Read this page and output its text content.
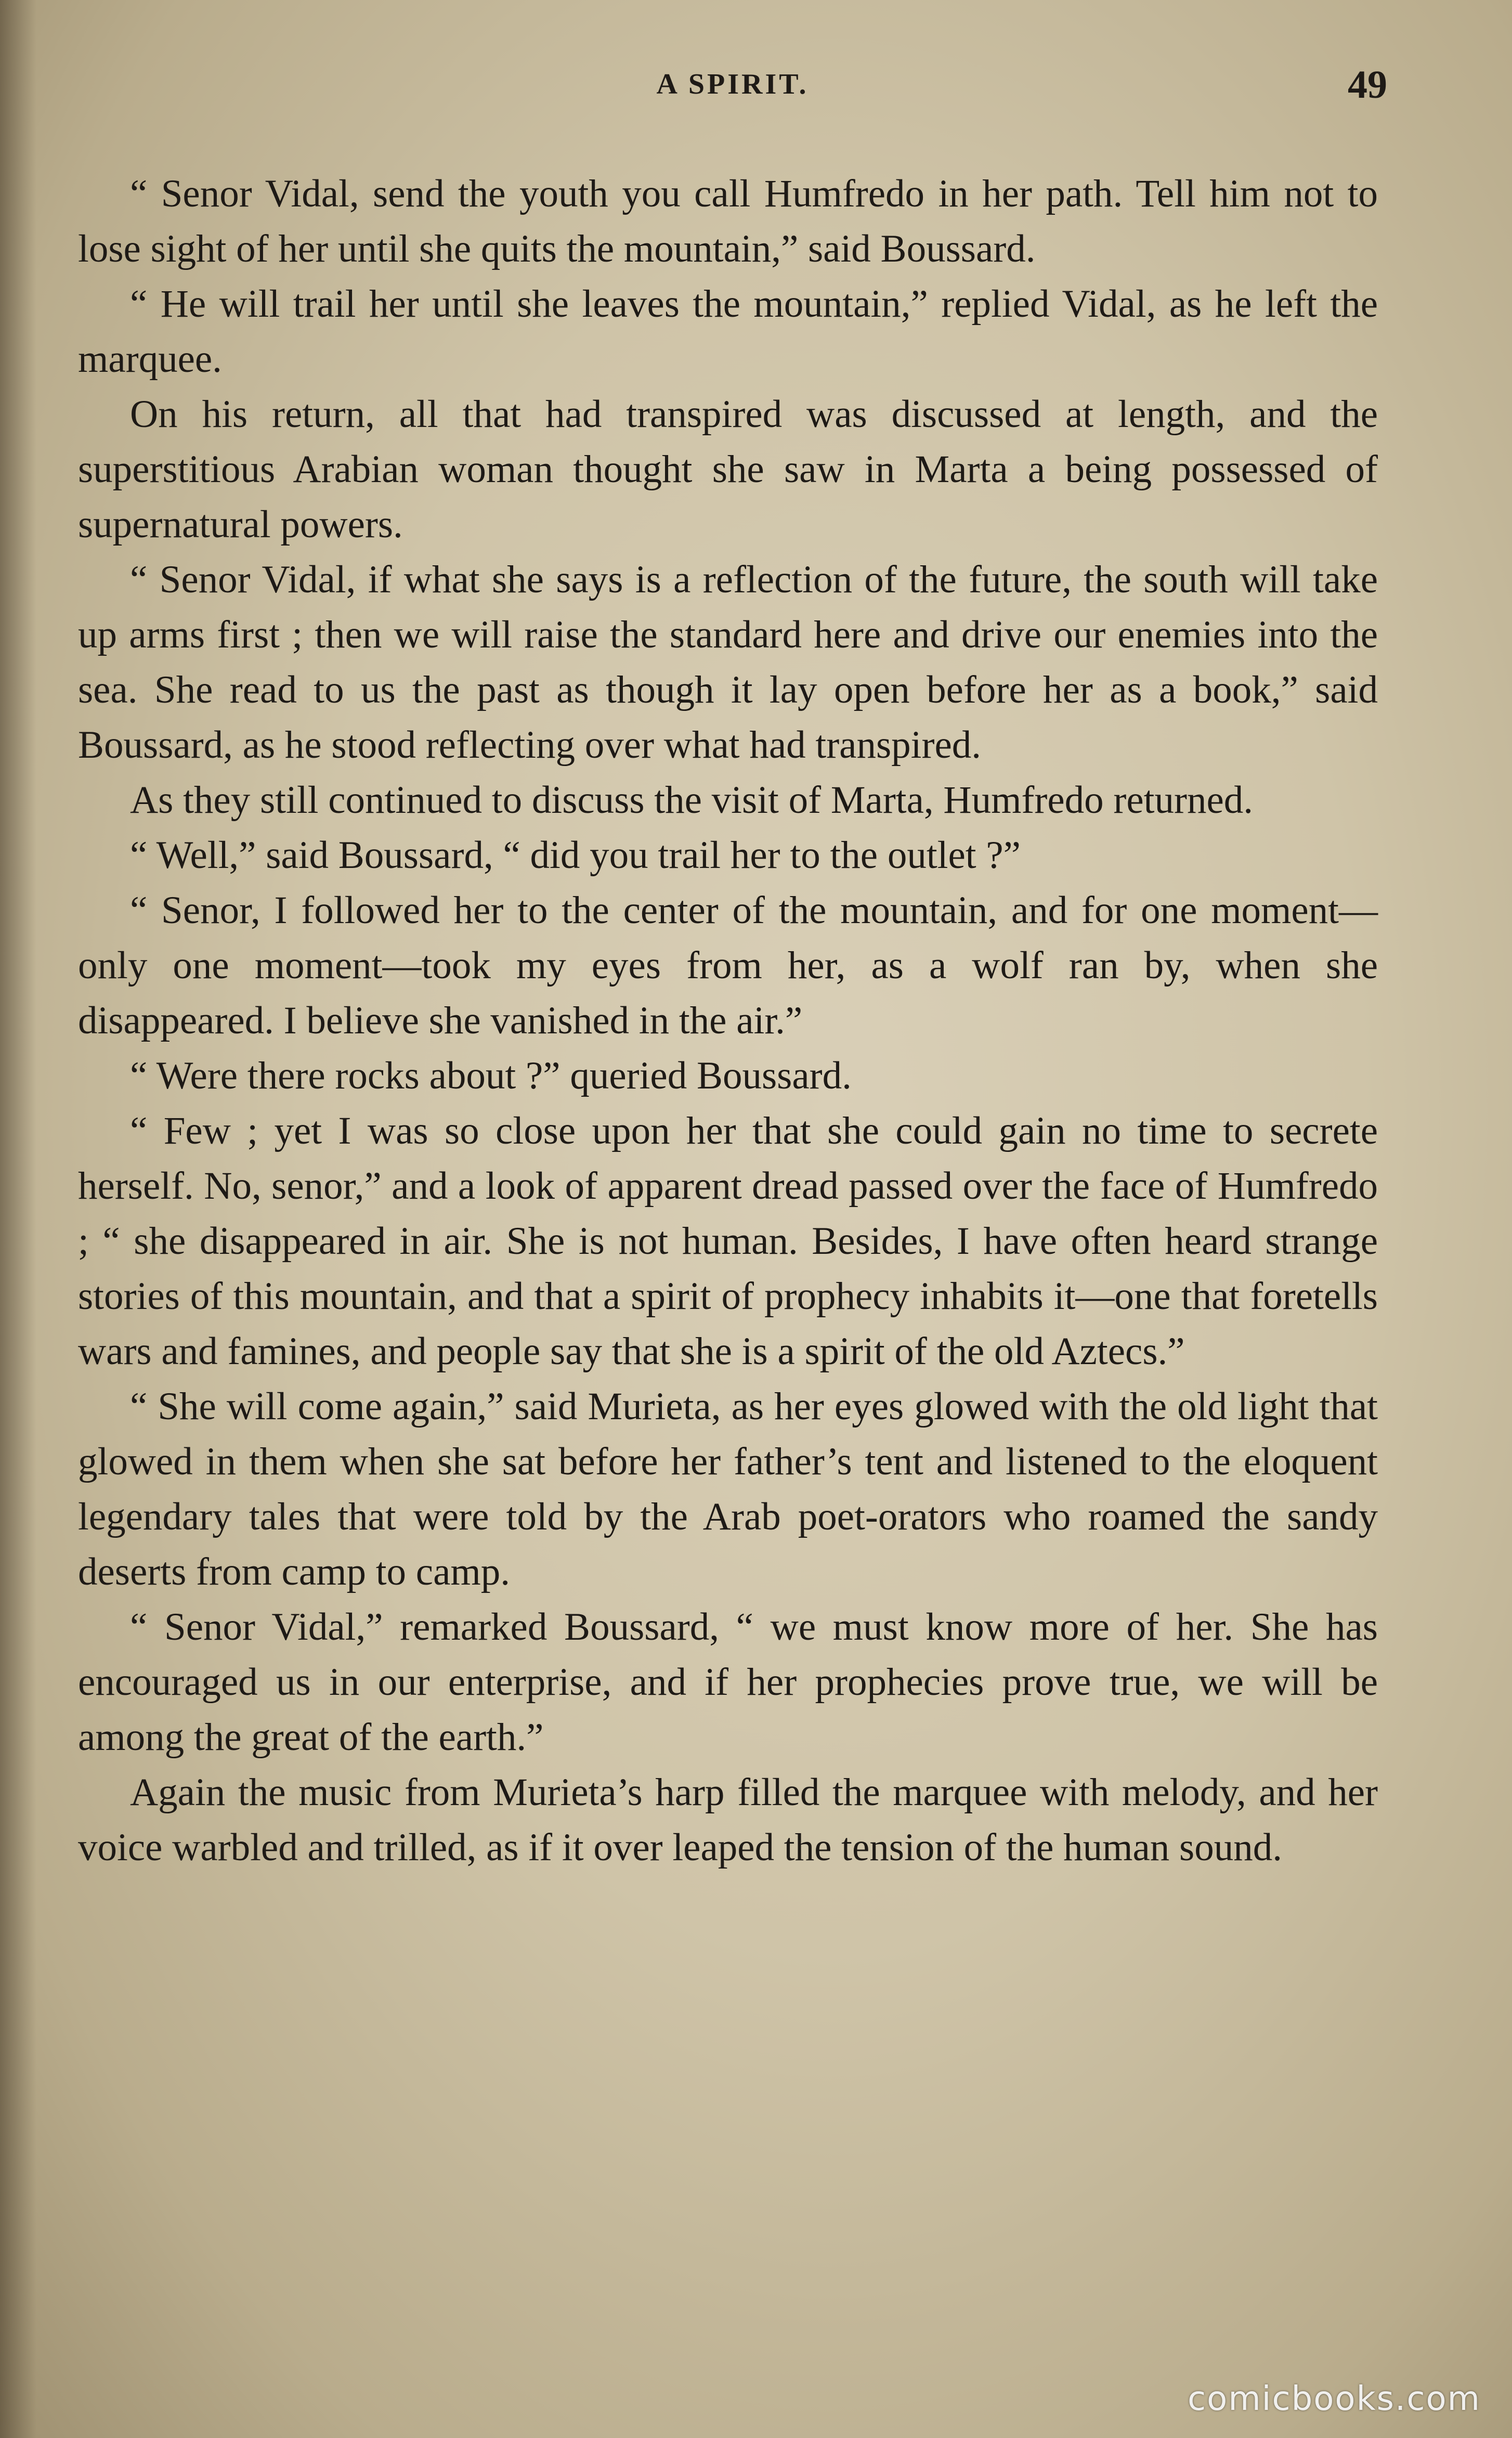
A SPIRIT.	49

“ Senor Vidal, send the youth you call Humfredo in her path. Tell him not to lose sight of her until she quits the mountain,” said Boussard.

“ He will trail her until she leaves the mountain,” replied Vidal, as he left the marquee.

On his return, all that had transpired was discussed at length, and the superstitious Arabian woman thought she saw in Marta a being possessed of supernatural powers.

“ Senor Vidal, if what she says is a reflection of the future, the south will take up arms first ; then we will raise the standard here and drive our enemies into the sea. She read to us the past as though it lay open before her as a book,” said Boussard, as he stood reflecting over what had transpired.

As they still continued to discuss the visit of Marta, Humfredo returned.

“ Well,” said Boussard, “ did you trail her to the outlet ?”

“ Senor, I followed her to the center of the mountain, and for one moment—only one moment—took my eyes from her, as a wolf ran by, when she disappeared. I believe she vanished in the air.”

“ Were there rocks about ?” queried Boussard.

“ Few ; yet I was so close upon her that she could gain no time to secrete herself. No, senor,” and a look of apparent dread passed over the face of Humfredo ; “ she disappeared in air. She is not human. Besides, I have often heard strange stories of this mountain, and that a spirit of prophecy inhabits it—one that foretells wars and famines, and people say that she is a spirit of the old Aztecs.”

“ She will come again,” said Murieta, as her eyes glowed with the old light that glowed in them when she sat before her father’s tent and listened to the eloquent legendary tales that were told by the Arab poet-orators who roamed the sandy deserts from camp to camp.

“ Senor Vidal,” remarked Boussard, “ we must know more of her. She has encouraged us in our enterprise, and if her prophecies prove true, we will be among the great of the earth.”

Again the music from Murieta’s harp filled the marquee with melody, and her voice warbled and trilled, as if it over leaped the tension of the human sound.

comicbooks.com
